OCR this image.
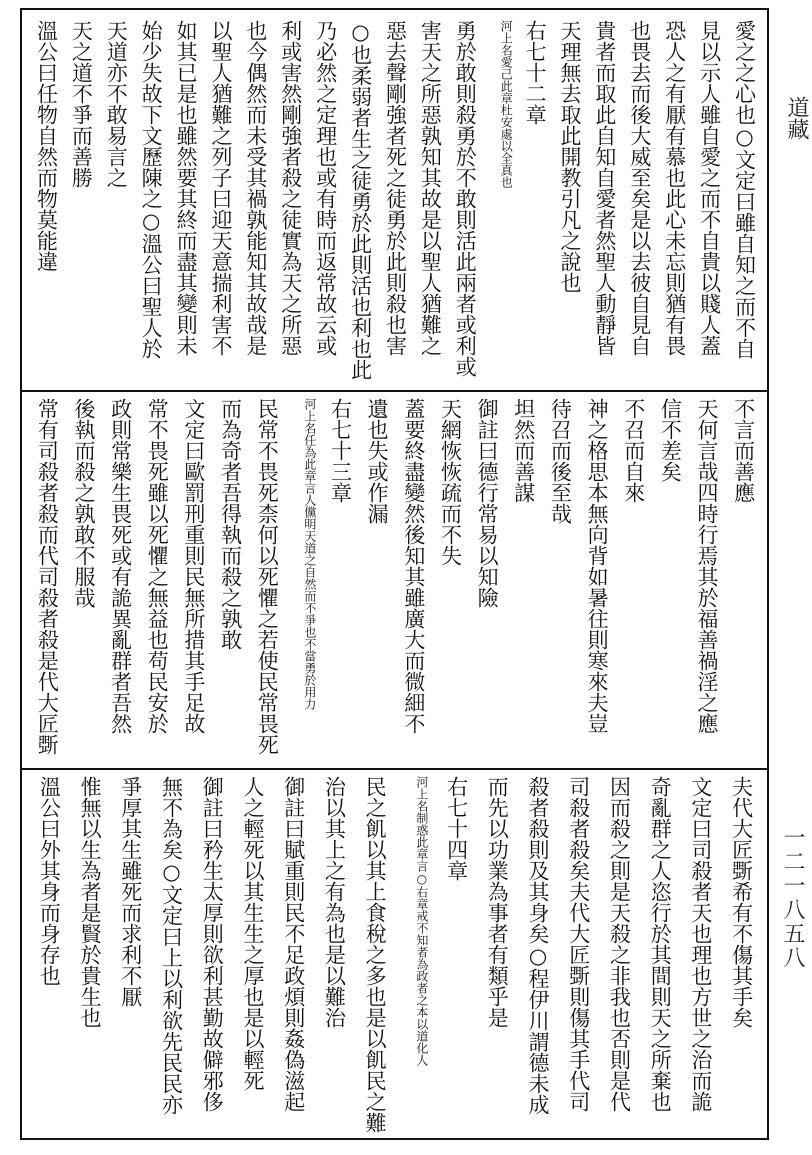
愛之之心也○文定曰雖自知之而不自
見以示人雖自愛之而不自貴以賤人蓋
恐人之有厭有慕也此心未忘則猶有畏
也畏去而後大威至矣是以去彼自見自
貴者而取此自知自愛者然聖人動靜皆
天理無去取此開教引凡之說也
右七十二章
河上名愛己此章杜安處以全真也
勇於敢則殺勇於不敢則活此兩者或利或
害天之所惡孰知其故是以聖人猶難之
惡去聲剛強者死之徒勇於此則殺也害
○也柔弱者生之徒勇於此則活也利也此
乃必然之定理也或有時而返常故云或
利或害然剛強者殺之徒實為天之所惡
也今偶然而未受其禍孰能知其故哉是
以聖人猶難之列子曰迎天意揣利害不
如其已是也雖然要其終而盡其變則未
始少失故下文歷陳之○溫公曰聖人於
天道亦不敢易言之
天之道不爭而善勝
溫公曰任物自然而物莫能違
不言而善應
天何言哉四時行焉其於福善禍淫之應
信不差矣
不召而自來
神之格思本無向背如暑往則寒來夫豈
待召而後至哉
坦然而善謀
御註曰德行常易以知險
天網恢恢疏而不失
蓋要終盡變然後知其雖廣大而微細不
遺也失或作漏
右七十三章
河上名任為此章言人儻明天道之自然而不爭也不當勇於用力
民常不畏死柰何以死懼之若使民常畏死
而為奇者吾得執而殺之孰敢
文定曰歐罰刑重則民無所措其手足故
常不畏死雖以死懼之無益也苟民安於
政則常樂生畏死或有詭異亂群者吾然
後執而殺之孰敢不服哉
常有司殺者殺而代司殺者殺是代大匠斲
夫代大匠斲希有不傷其手矣
文定曰司殺者天也理也方世之治而詭
奇亂群之人恣行於其間則天之所棄也
因而殺之則是天殺之非我也否則是代
司殺者殺矣夫代大匠斲則傷其手代司
殺者殺則及其身矣○程伊川謂德未成
而先以功業為事者有類乎是
右七十四章
河上名制惑此章言○右章戒不知者為政者之本以道化人
民之飢以其上食稅之多也是以飢民之難
治以其上之有為也是以難治
御註曰賦重則民不足政煩則姦偽滋起
人之輕死以其生生之厚也是以輕死
御註曰矜生太厚則欲利甚勤故僻邪侈
無不為矣○文定曰上以利欲先民民亦
爭厚其生雖死而求利不厭
惟無以生為者是賢於貴生也
溫公曰外其身而身存也
道藏
一二一八五八
